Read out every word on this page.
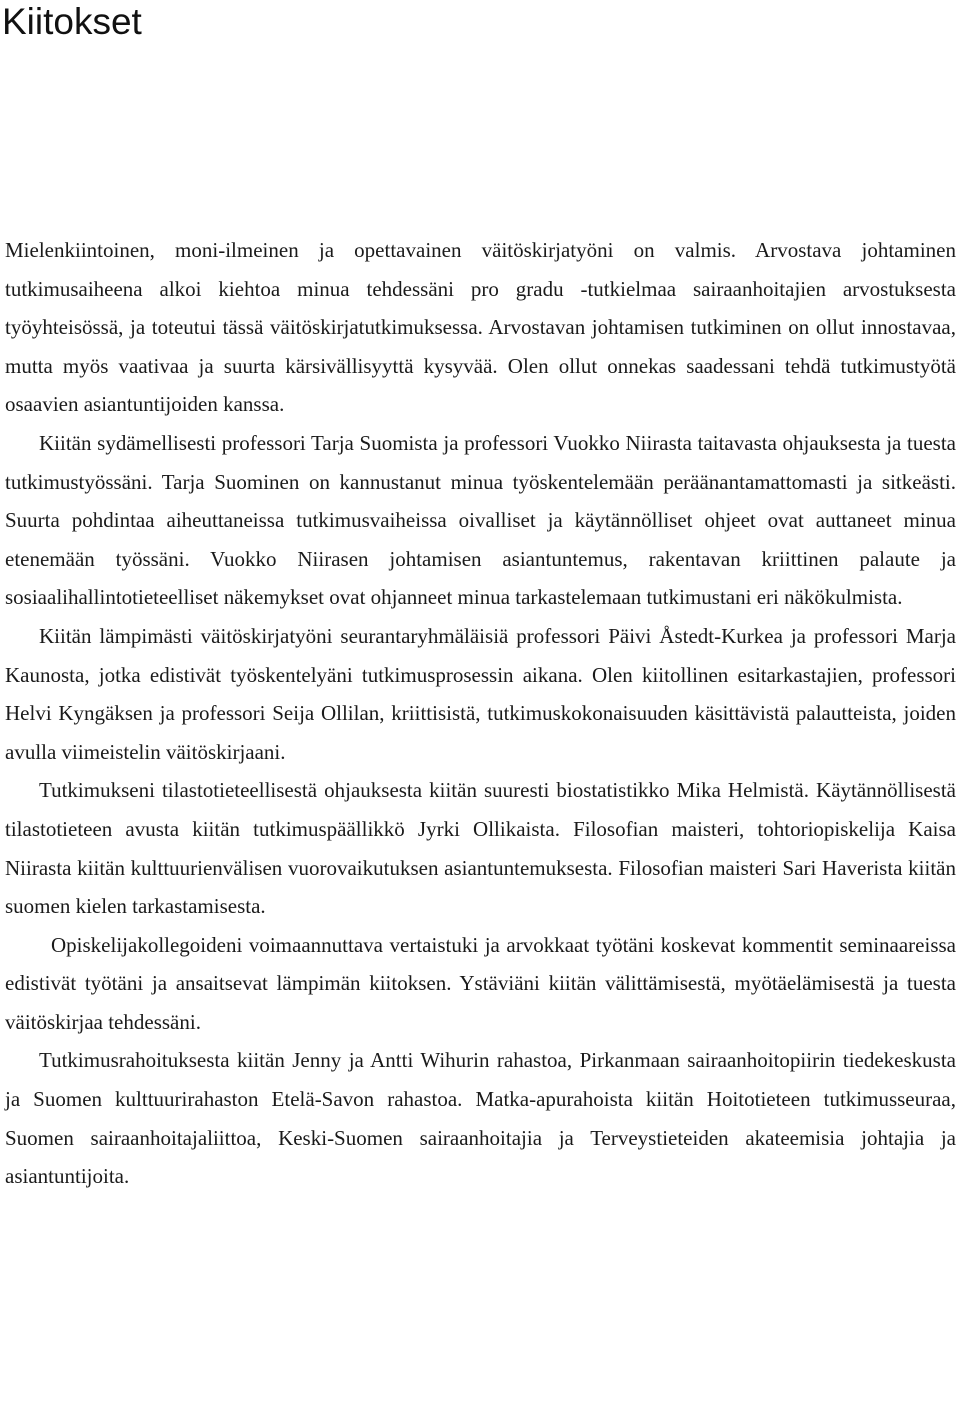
Kiitokset

Mielenkiintoinen, moni-ilmeinen ja opettavainen väitöskirjatyöni on valmis. Arvostava johtaminen tutkimusaiheena alkoi kiehtoa minua tehdessäni pro gradu -tutkielmaa sairaanhoitajien arvostuksesta työyhteisössä, ja toteutui tässä väitöskirjatutkimuksessa. Arvostavan johtamisen tutkiminen on ollut innostavaa, mutta myös vaativaa ja suurta kärsivällisyyttä kysyvää. Olen ollut onnekas saadessani tehdä tutkimustyötä osaavien asiantuntijoiden kanssa.

Kiitän sydämellisesti professori Tarja Suomista ja professori Vuokko Niirasta taitavasta ohjauksesta ja tuesta tutkimustyössäni. Tarja Suominen on kannustanut minua työskentelemään peräänantamattomasti ja sitkeästi. Suurta pohdintaa aiheuttaneissa tutkimusvaiheissa oivalliset ja käytännölliset ohjeet ovat auttaneet minua etenemään työssäni. Vuokko Niirasen johtamisen asiantuntemus, rakentavan kriittinen palaute ja sosiaalihallintotieteelliset näkemykset ovat ohjanneet minua tarkastelemaan tutkimustani eri näkökulmista.

Kiitän lämpimästi väitöskirjatyöni seurantaryhmäläisiä professori Päivi Åstedt-Kurkea ja professori Marja Kaunosta, jotka edistivät työskentelyäni tutkimusprosessin aikana. Olen kiitollinen esitarkastajien, professori Helvi Kyngäksen ja professori Seija Ollilan, kriittisistä, tutkimuskokonaisuuden käsittävistä palautteista, joiden avulla viimeistelin väitöskirjaani.

Tutkimukseni tilastotieteellisestä ohjauksesta kiitän suuresti biostatistikko Mika Helmistä. Käytännöllisestä tilastotieteen avusta kiitän tutkimuspäällikkö Jyrki Ollikaista. Filosofian maisteri, tohtoriopiskelija Kaisa Niirasta kiitän kulttuurienvälisen vuorovaikutuksen asiantuntemuksesta. Filosofian maisteri Sari Haverista kiitän suomen kielen tarkastamisesta.

Opiskelijakollegoideni voimaannuttava vertaistuki ja arvokkaat työtäni koskevat kommentit seminaareissa edistivät työtäni ja ansaitsevat lämpimän kiitoksen. Ystäviäni kiitän välittämisestä, myötäelämisestä ja tuesta väitöskirjaa tehdessäni.

Tutkimusrahoituksesta kiitän Jenny ja Antti Wihurin rahastoa, Pirkanmaan sairaanhoitopiirin tiedekeskusta ja Suomen kulttuurirahaston Etelä-Savon rahastoa. Matka-apurahoista kiitän Hoitotieteen tutkimusseuraa, Suomen sairaanhoitajaliittoa, Keski-Suomen sairaanhoitajia ja Terveystieteiden akateemisia johtajia ja asiantuntijoita.
